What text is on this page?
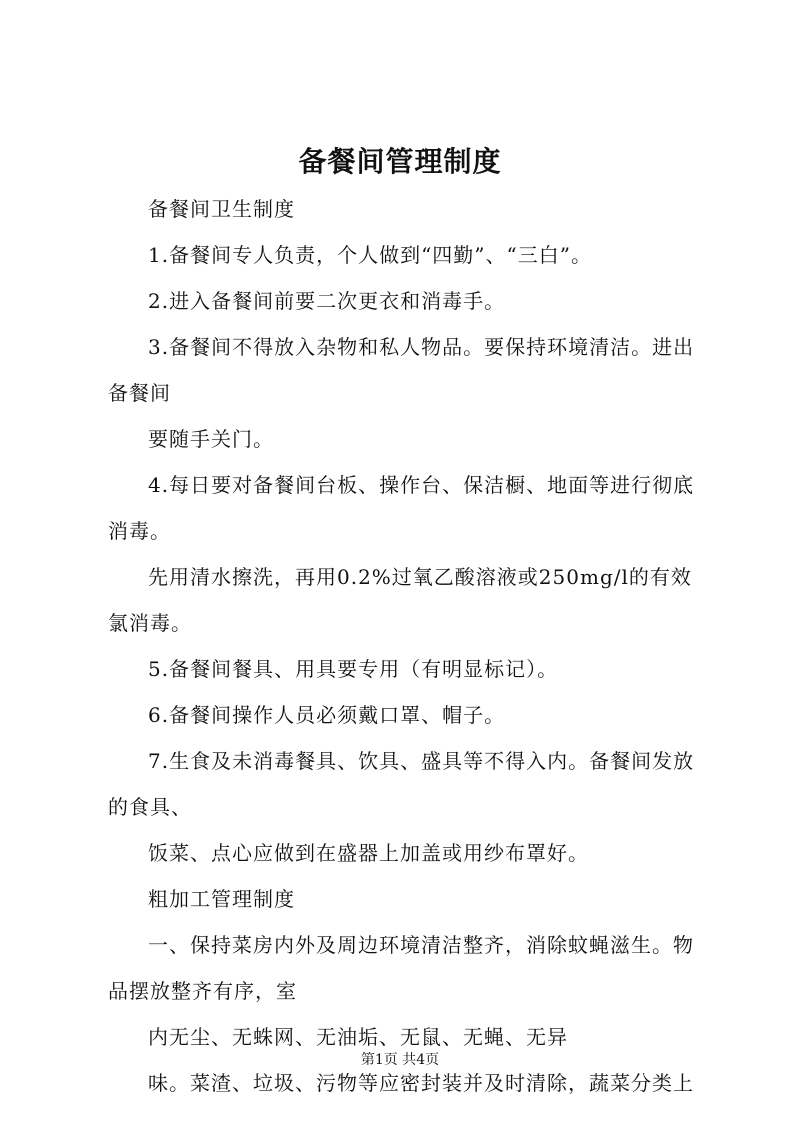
备餐间管理制度

备餐间卫生制度

1.备餐间专人负责，个人做到“四勤”、“三白”。

2.进入备餐间前要二次更衣和消毒手。

3.备餐间不得放入杂物和私人物品。要保持环境清洁。进出备餐间

要随手关门。

4.每日要对备餐间台板、操作台、保洁橱、地面等进行彻底消毒。

先用清水擦洗，再用0.2%过氧乙酸溶液或250mg/l的有效氯消毒。

5.备餐间餐具、用具要专用（有明显标记）。

6.备餐间操作人员必须戴口罩、帽子。

7.生食及未消毒餐具、饮具、盛具等不得入内。备餐间发放的食具、

饭菜、点心应做到在盛器上加盖或用纱布罩好。

粗加工管理制度

一、保持菜房内外及周边环境清洁整齐，消除蚊蝇滋生。物品摆放整齐有序，室

内无尘、无蛛网、无油垢、无鼠、无蝇、无异

味。菜渣、垃圾、污物等应密封装并及时清除，蔬菜分类上

第1页 共4页
